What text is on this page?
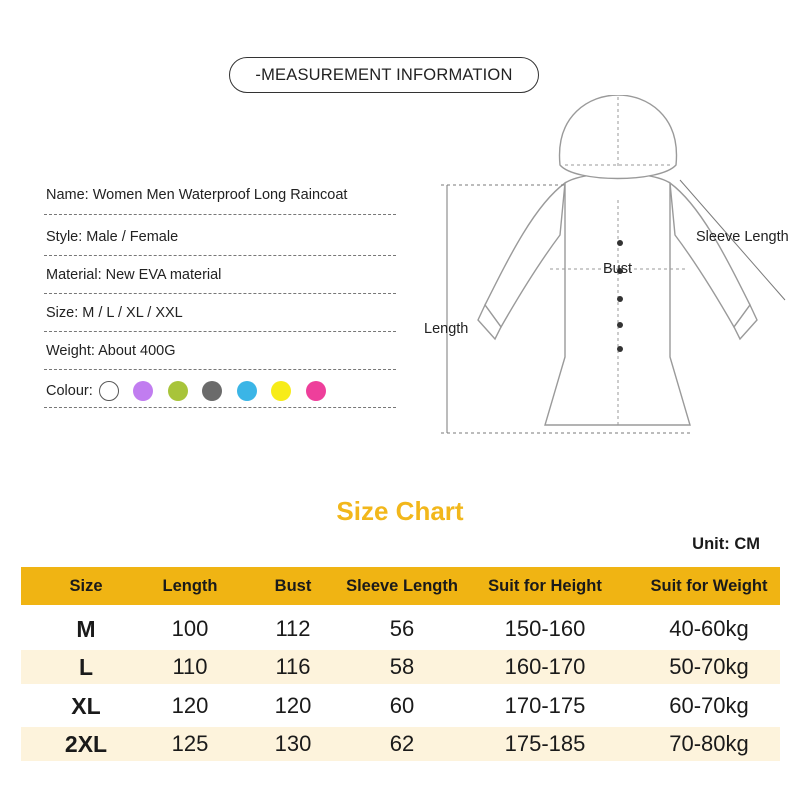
-MEASUREMENT INFORMATION
Name: Women Men Waterproof Long Raincoat
Style: Male / Female
Material: New EVA material
Size: M / L / XL / XXL
Weight: About 400G
Colour:
Length
Bust
Sleeve Length
Size Chart
Unit: CM
Size	Length	Bust	Sleeve Length	Suit for Height	Suit for Weight
M	100	112	56	150-160	40-60kg
L	110	116	58	160-170	50-70kg
XL	120	120	60	170-175	60-70kg
2XL	125	130	62	175-185	70-80kg
